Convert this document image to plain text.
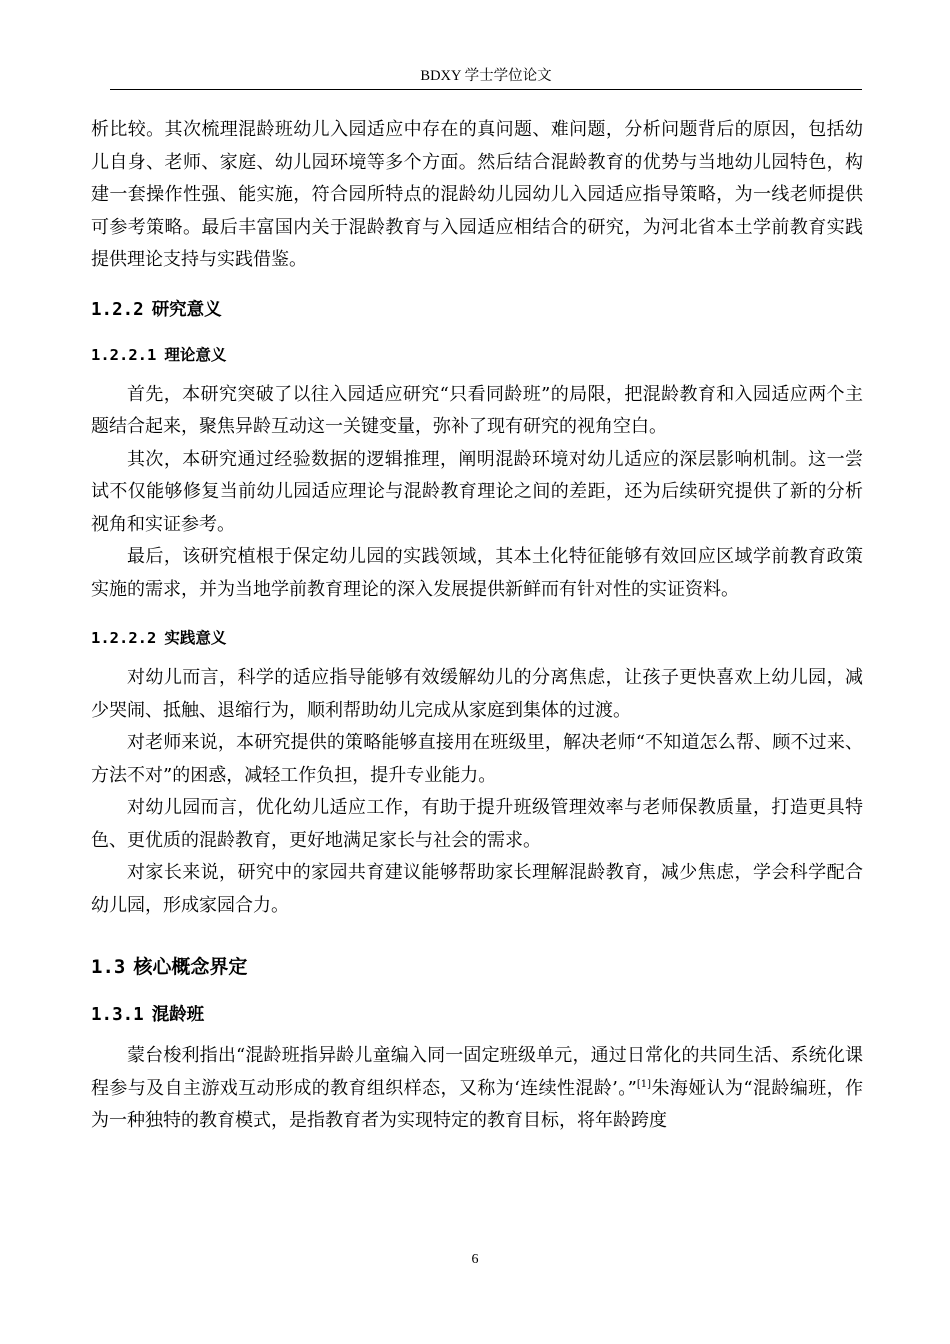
BDXY 学士学位论文

析比较。其次梳理混龄班幼儿入园适应中存在的真问题、难问题，分析问题背后的原因，包括幼儿自身、老师、家庭、幼儿园环境等多个方面。然后结合混龄教育的优势与当地幼儿园特色，构建一套操作性强、能实施，符合园所特点的混龄幼儿园幼儿入园适应指导策略，为一线老师提供可参考策略。最后丰富国内关于混龄教育与入园适应相结合的研究，为河北省本土学前教育实践提供理论支持与实践借鉴。

1.2.2 研究意义
1.2.2.1 理论意义

首先，本研究突破了以往入园适应研究“只看同龄班”的局限，把混龄教育和入园适应两个主题结合起来，聚焦异龄互动这一关键变量，弥补了现有研究的视角空白。

其次，本研究通过经验数据的逻辑推理，阐明混龄环境对幼儿适应的深层影响机制。这一尝试不仅能够修复当前幼儿园适应理论与混龄教育理论之间的差距，还为后续研究提供了新的分析视角和实证参考。

最后，该研究植根于保定幼儿园的实践领域，其本土化特征能够有效回应区域学前教育政策实施的需求，并为当地学前教育理论的深入发展提供新鲜而有针对性的实证资料。

1.2.2.2 实践意义

对幼儿而言，科学的适应指导能够有效缓解幼儿的分离焦虑，让孩子更快喜欢上幼儿园，减少哭闹、抵触、退缩行为，顺利帮助幼儿完成从家庭到集体的过渡。

对老师来说，本研究提供的策略能够直接用在班级里，解决老师“不知道怎么帮、顾不过来、方法不对”的困惑，减轻工作负担，提升专业能力。

对幼儿园而言，优化幼儿适应工作，有助于提升班级管理效率与老师保教质量，打造更具特色、更优质的混龄教育，更好地满足家长与社会的需求。

对家长来说，研究中的家园共育建议能够帮助家长理解混龄教育，减少焦虑，学会科学配合幼儿园，形成家园合力。

1.3 核心概念界定
1.3.1 混龄班

蒙台梭利指出“混龄班指异龄儿童编入同一固定班级单元，通过日常化的共同生活、系统化课程参与及自主游戏互动形成的教育组织样态，又称为‘连续性混龄’。”[1]朱海娅认为“混龄编班，作为一种独特的教育模式，是指教育者为实现特定的教育目标，将年龄跨度

6
